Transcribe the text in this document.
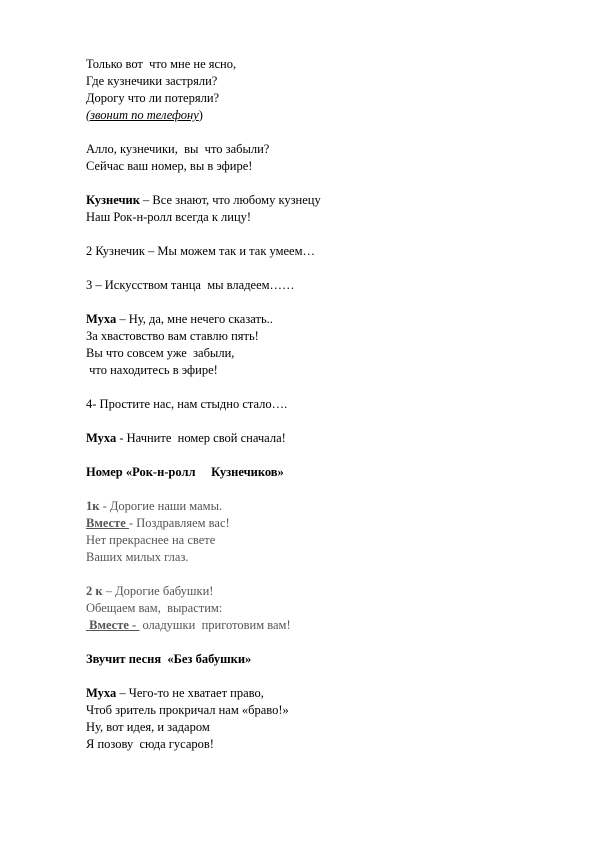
Только вот  что мне не ясно,
Где кузнечики застряли?
Дорогу что ли потеряли?
(звонит по телефону)
Алло, кузнечики,  вы  что забыли?
Сейчас ваш номер, вы в эфире!
Кузнечик – Все знают, что любому кузнецу
Наш Рок-н-ролл всегда к лицу!
2 Кузнечик – Мы можем так и так умеем…
3 – Искусством танца  мы владеем……
Муха – Ну, да, мне нечего сказать..
За хвастовство вам ставлю пять!
Вы что совсем уже  забыли,
что находитесь в эфире!
4- Простите нас, нам стыдно стало….
Муха - Начните  номер свой сначала!
Номер «Рок-н-ролл     Кузнечиков»
1к - Дорогие наши мамы.
Вместе - Поздравляем вас!
Нет прекраснее на свете
Ваших милых глаз.
2 к – Дорогие бабушки!
Обещаем вам,  вырастим:
Вместе -  оладушки  приготовим вам!
Звучит песня  «Без бабушки»
Муха – Чего-то не хватает право,
Чтоб зритель прокричал нам «браво!»
Ну, вот идея, и задаром
Я позову  сюда гусаров!
